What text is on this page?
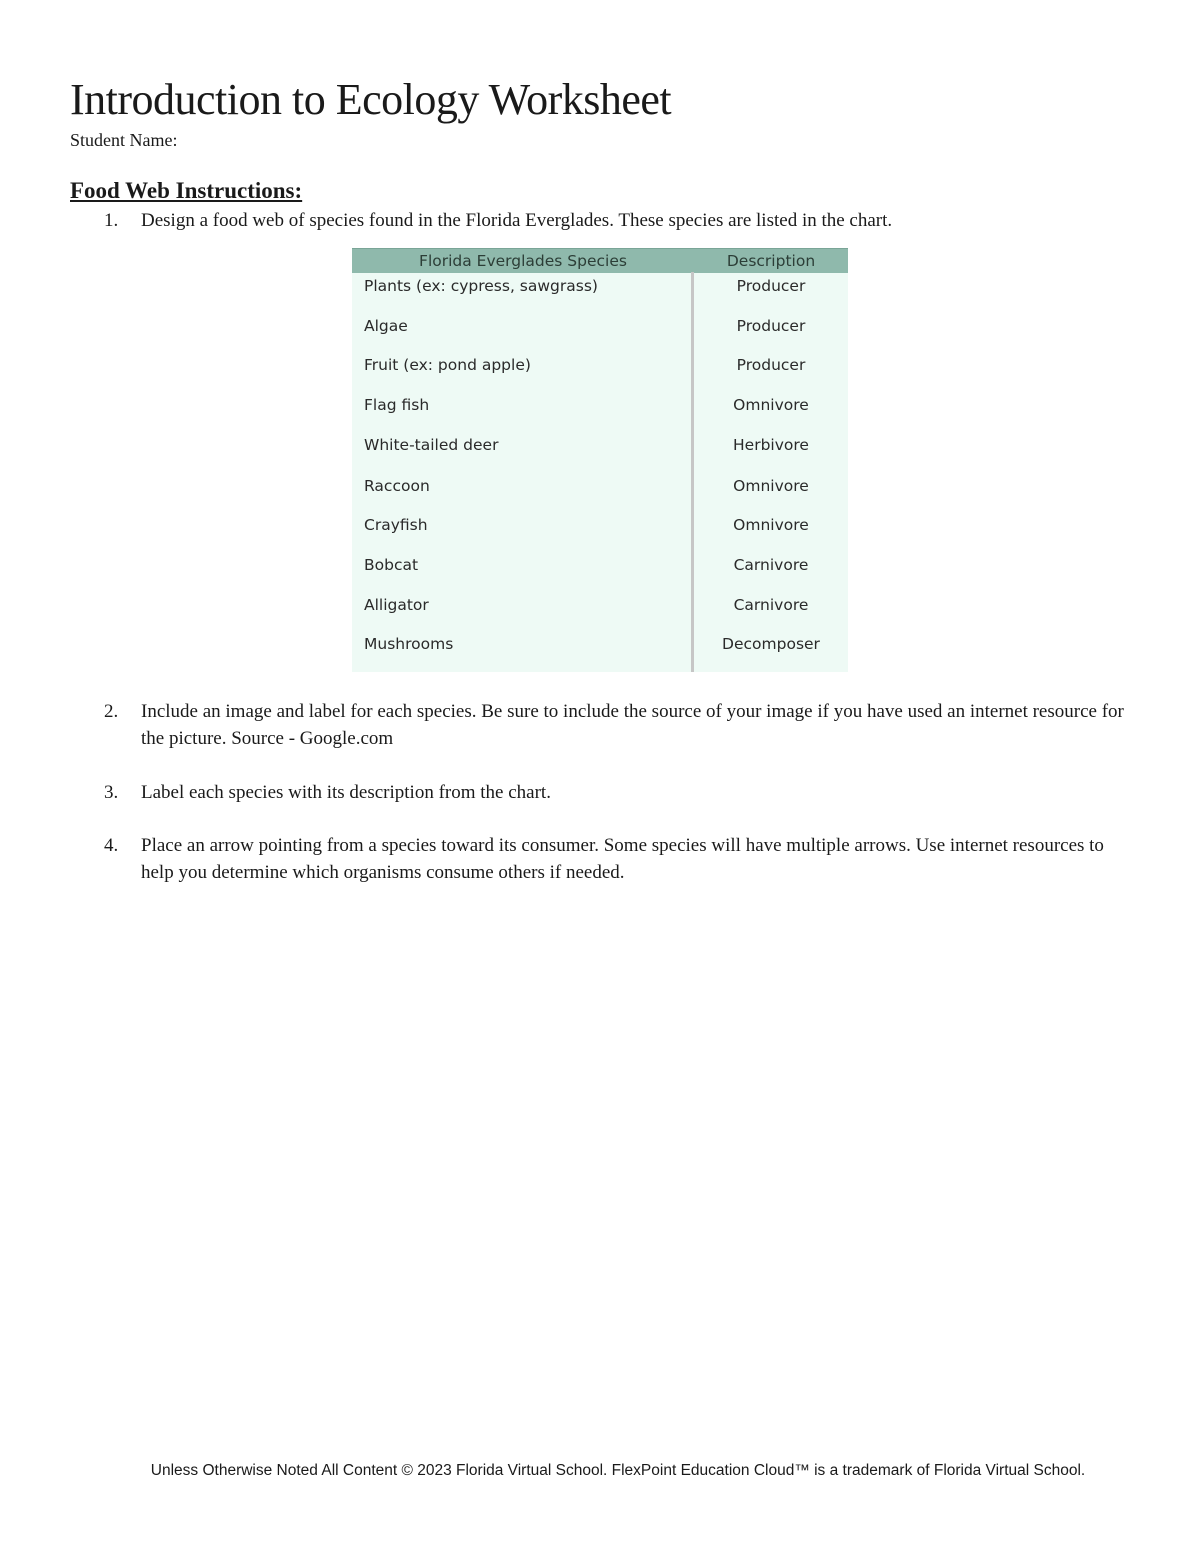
Introduction to Ecology Worksheet
Student Name:
Food Web Instructions:
1.	Design a food web of species found in the Florida Everglades. These species are listed in the chart.
Florida Everglades Species	Description
Plants (ex: cypress, sawgrass)	Producer
Algae	Producer
Fruit (ex: pond apple)	Producer
Flag fish	Omnivore
White-tailed deer	Herbivore
Raccoon	Omnivore
Crayfish	Omnivore
Bobcat	Carnivore
Alligator	Carnivore
Mushrooms	Decomposer
2.	Include an image and label for each species. Be sure to include the source of your image if you have used an internet resource for the picture. Source - Google.com
3.	Label each species with its description from the chart.
4.	Place an arrow pointing from a species toward its consumer. Some species will have multiple arrows. Use internet resources to help you determine which organisms consume others if needed.
Unless Otherwise Noted All Content © 2023 Florida Virtual School. FlexPoint Education Cloud™ is a trademark of Florida Virtual School.
